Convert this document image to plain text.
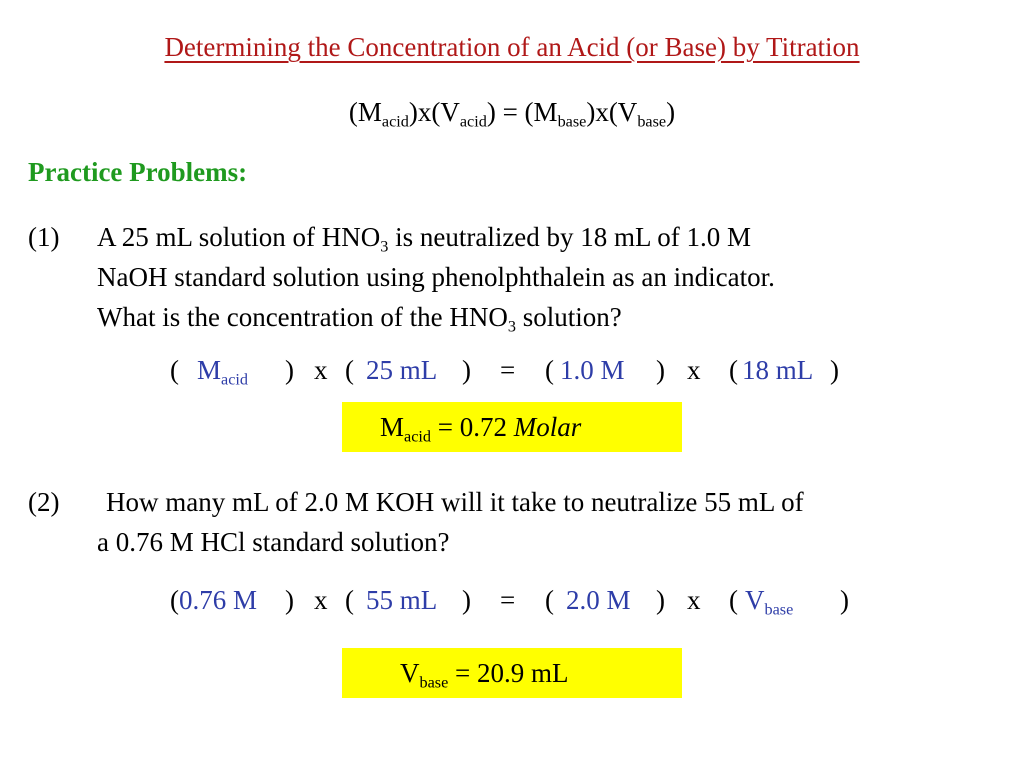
Determining the Concentration of an Acid (or Base) by Titration
$(M_{acid})x(V_{acid}) = (M_{base})x(V_{base})$
Practice Problems:
(1) A 25 mL solution of $HNO_3$ is neutralized by 18 mL of 1.0 M
NaOH standard solution using phenolphthalein as an indicator.
What is the concentration of the $HNO_3$ solution?
( $M_{acid}$ ) x ( 25 mL ) = ( 1.0 M ) x ( 18 mL )
$M_{acid} = 0.72$ Molar
(2) How many mL of 2.0 M KOH will it take to neutralize 55 mL of
a 0.76 M HCl standard solution?
( 0.76 M ) x ( 55 mL ) = ( 2.0 M ) x ( $V_{base}$ )
$V_{base} = 20.9$ mL
